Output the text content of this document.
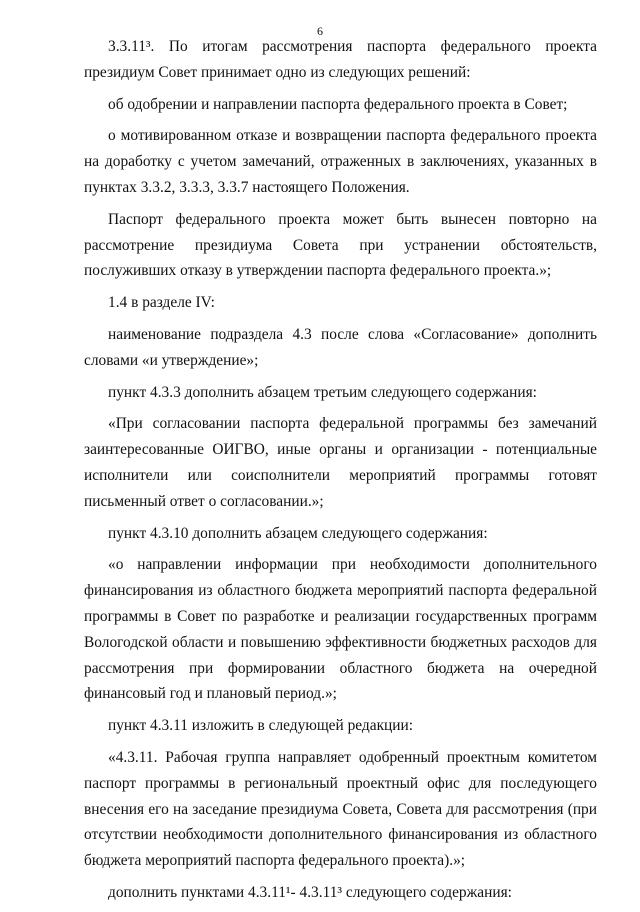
6

3.3.11³. По итогам рассмотрения паспорта федерального проекта президиум Совет принимает одно из следующих решений:

об одобрении и направлении паспорта федерального проекта в Совет;

о мотивированном отказе и возвращении паспорта федерального проекта на доработку с учетом замечаний, отраженных в заключениях, указанных в пунктах 3.3.2, 3.3.3, 3.3.7 настоящего Положения.

Паспорт федерального проекта может быть вынесен повторно на рассмотрение президиума Совета при устранении обстоятельств, послуживших отказу в утверждении паспорта федерального проекта.»;

1.4 в разделе IV:

наименование подраздела 4.3 после слова «Согласование» дополнить словами «и утверждение»;

пункт 4.3.3 дополнить абзацем третьим следующего содержания:

«При согласовании паспорта федеральной программы без замечаний заинтересованные ОИГВО, иные органы и организации - потенциальные исполнители или соисполнители мероприятий программы готовят письменный ответ о согласовании.»;

пункт 4.3.10 дополнить абзацем следующего содержания:

«о направлении информации при необходимости дополнительного финансирования из областного бюджета мероприятий паспорта федеральной программы в Совет по разработке и реализации государственных программ Вологодской области и повышению эффективности бюджетных расходов для рассмотрения при формировании областного бюджета на очередной финансовый год и плановый период.»;

пункт 4.3.11 изложить в следующей редакции:

«4.3.11. Рабочая группа направляет одобренный проектным комитетом паспорт программы в региональный проектный офис для последующего внесения его на заседание президиума Совета, Совета для рассмотрения (при отсутствии необходимости дополнительного финансирования из областного бюджета мероприятий паспорта федерального проекта).»;

дополнить пунктами 4.3.11¹- 4.3.11³ следующего содержания:
